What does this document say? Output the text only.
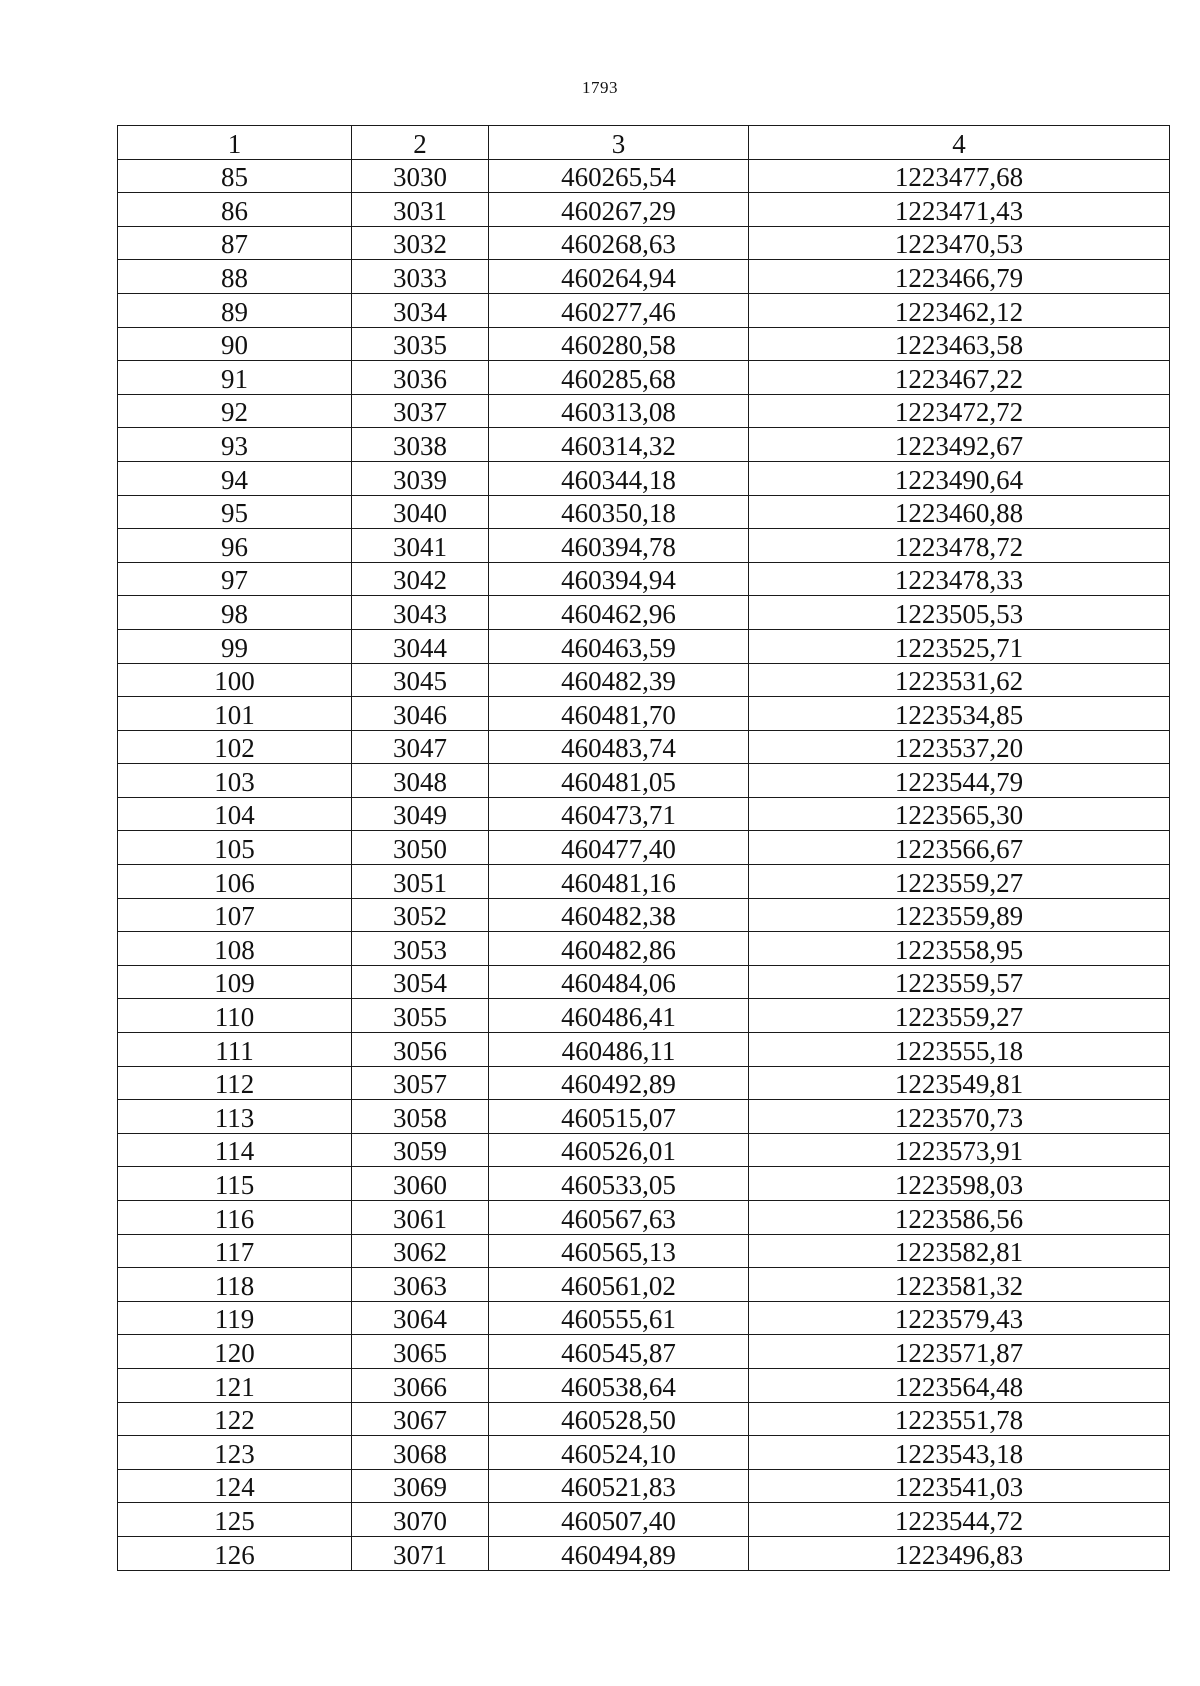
1793
1	2	3	4
85	3030	460265,54	1223477,68
86	3031	460267,29	1223471,43
87	3032	460268,63	1223470,53
88	3033	460264,94	1223466,79
89	3034	460277,46	1223462,12
90	3035	460280,58	1223463,58
91	3036	460285,68	1223467,22
92	3037	460313,08	1223472,72
93	3038	460314,32	1223492,67
94	3039	460344,18	1223490,64
95	3040	460350,18	1223460,88
96	3041	460394,78	1223478,72
97	3042	460394,94	1223478,33
98	3043	460462,96	1223505,53
99	3044	460463,59	1223525,71
100	3045	460482,39	1223531,62
101	3046	460481,70	1223534,85
102	3047	460483,74	1223537,20
103	3048	460481,05	1223544,79
104	3049	460473,71	1223565,30
105	3050	460477,40	1223566,67
106	3051	460481,16	1223559,27
107	3052	460482,38	1223559,89
108	3053	460482,86	1223558,95
109	3054	460484,06	1223559,57
110	3055	460486,41	1223559,27
111	3056	460486,11	1223555,18
112	3057	460492,89	1223549,81
113	3058	460515,07	1223570,73
114	3059	460526,01	1223573,91
115	3060	460533,05	1223598,03
116	3061	460567,63	1223586,56
117	3062	460565,13	1223582,81
118	3063	460561,02	1223581,32
119	3064	460555,61	1223579,43
120	3065	460545,87	1223571,87
121	3066	460538,64	1223564,48
122	3067	460528,50	1223551,78
123	3068	460524,10	1223543,18
124	3069	460521,83	1223541,03
125	3070	460507,40	1223544,72
126	3071	460494,89	1223496,83
